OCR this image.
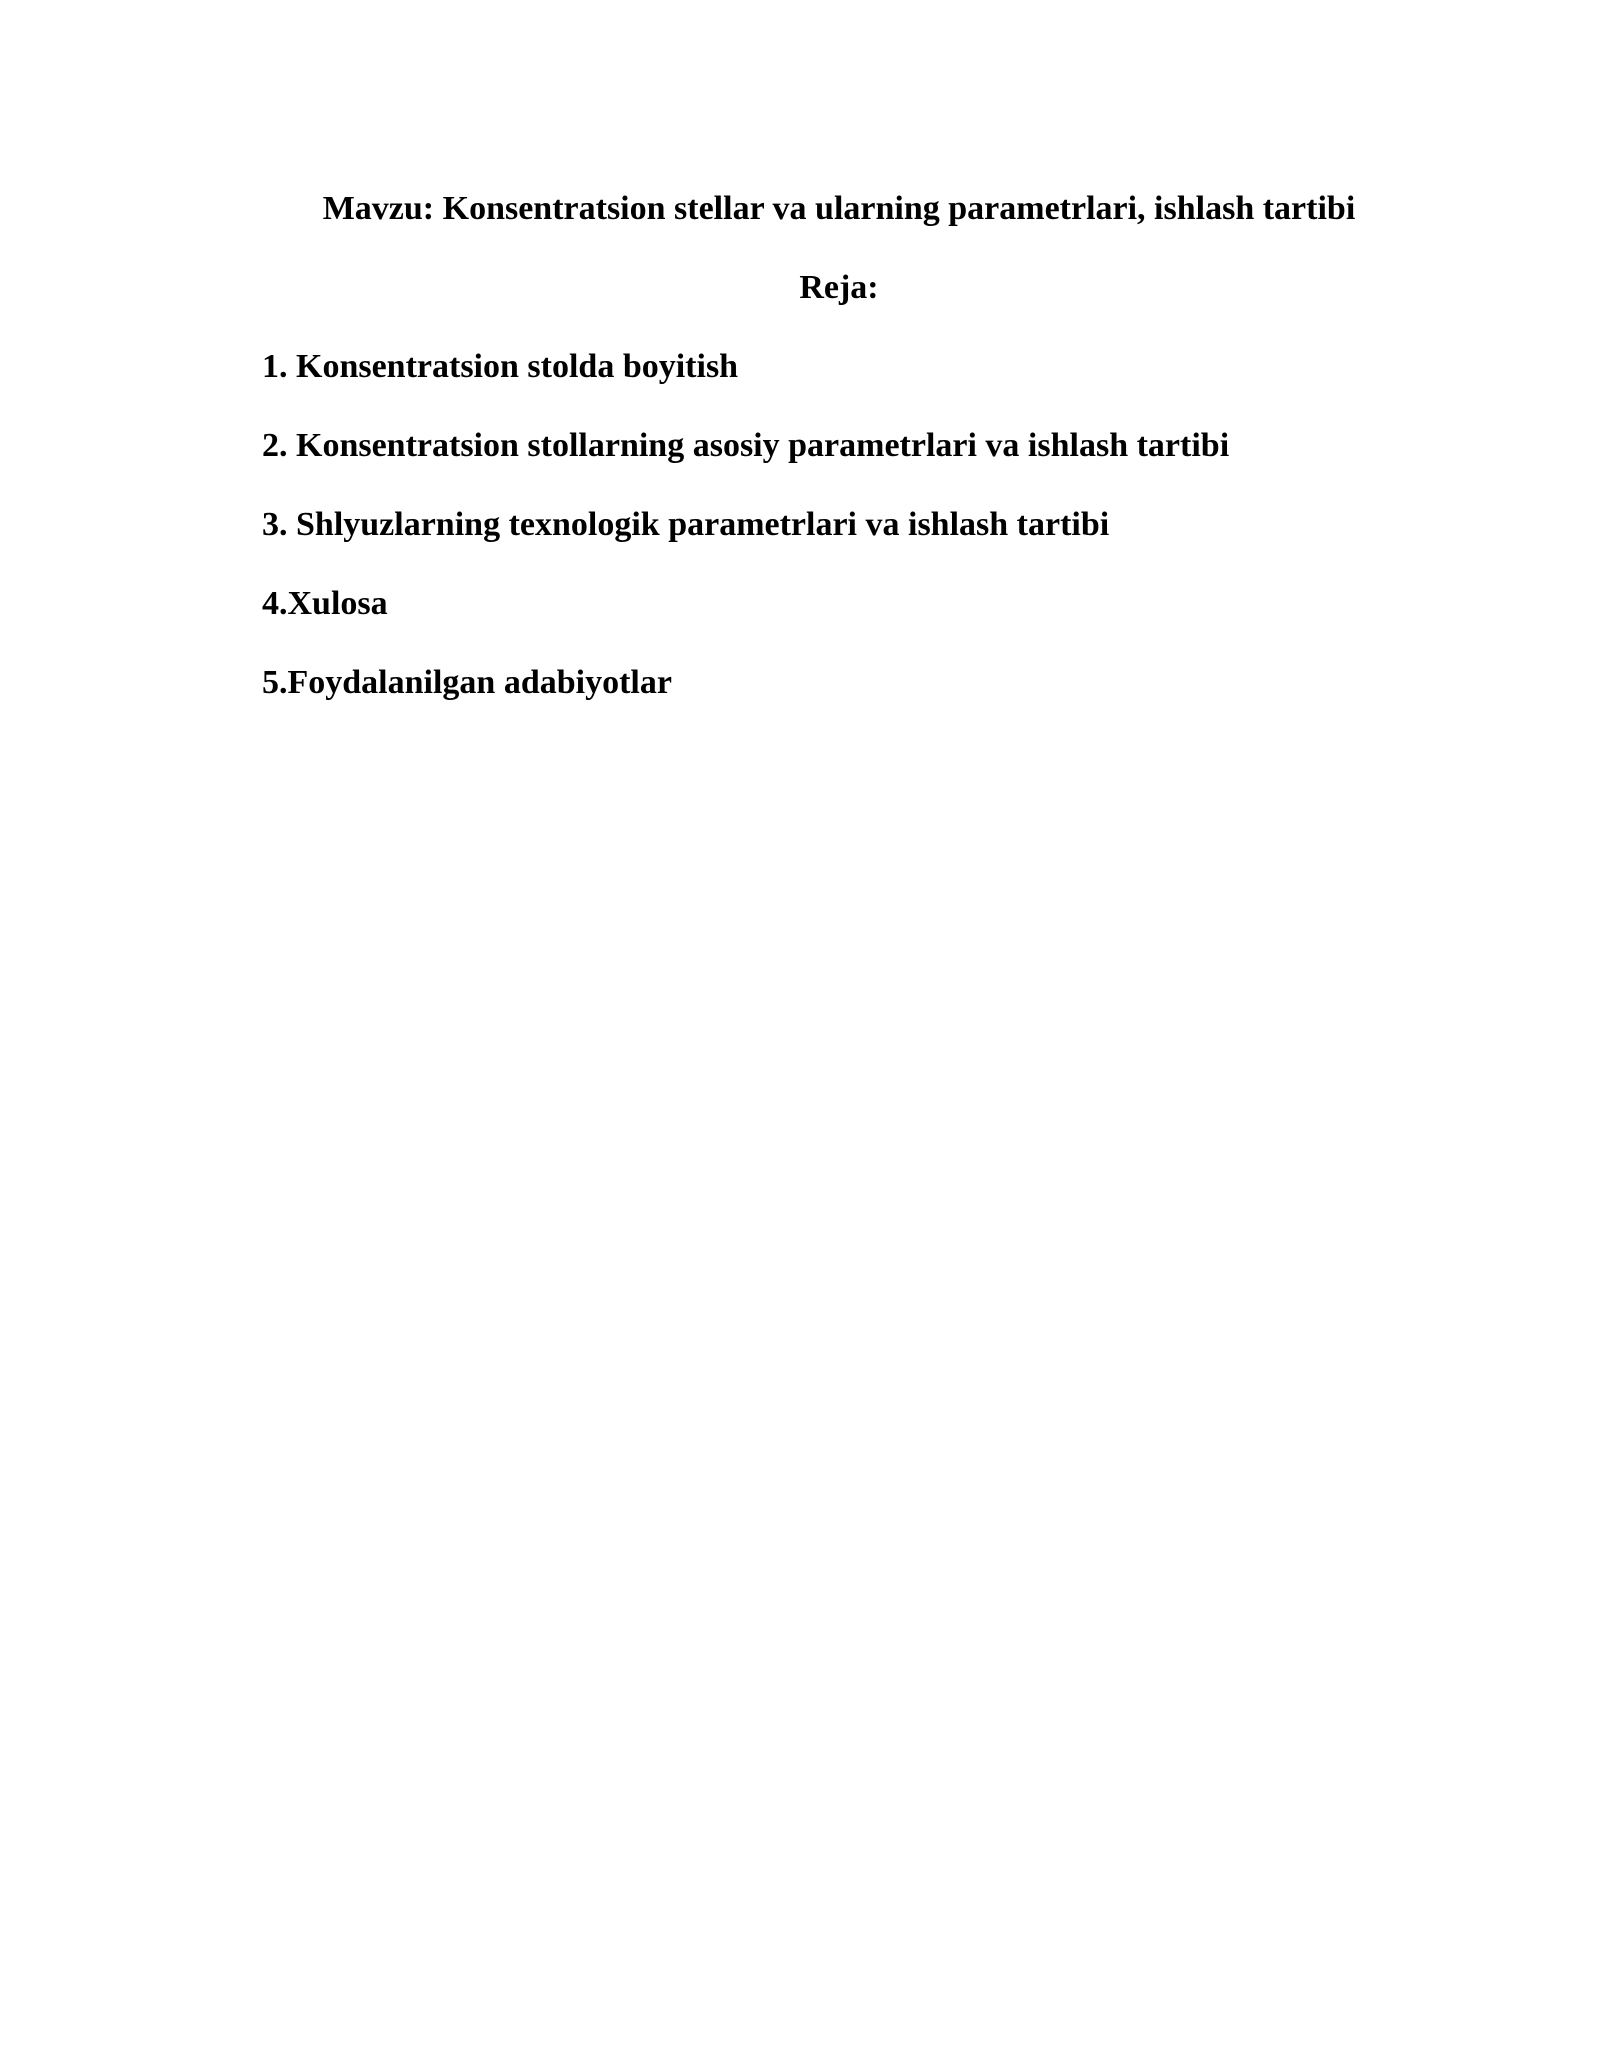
Mavzu: Konsentratsion stellar va ularning parametrlari, ishlash tartibi
Reja:
1. Konsentratsion stolda boyitish
2. Konsentratsion stollarning asosiy parametrlari va ishlash tartibi
3. Shlyuzlarning texnologik parametrlari va ishlash tartibi
4.Xulosa
5.Foydalanilgan adabiyotlar
